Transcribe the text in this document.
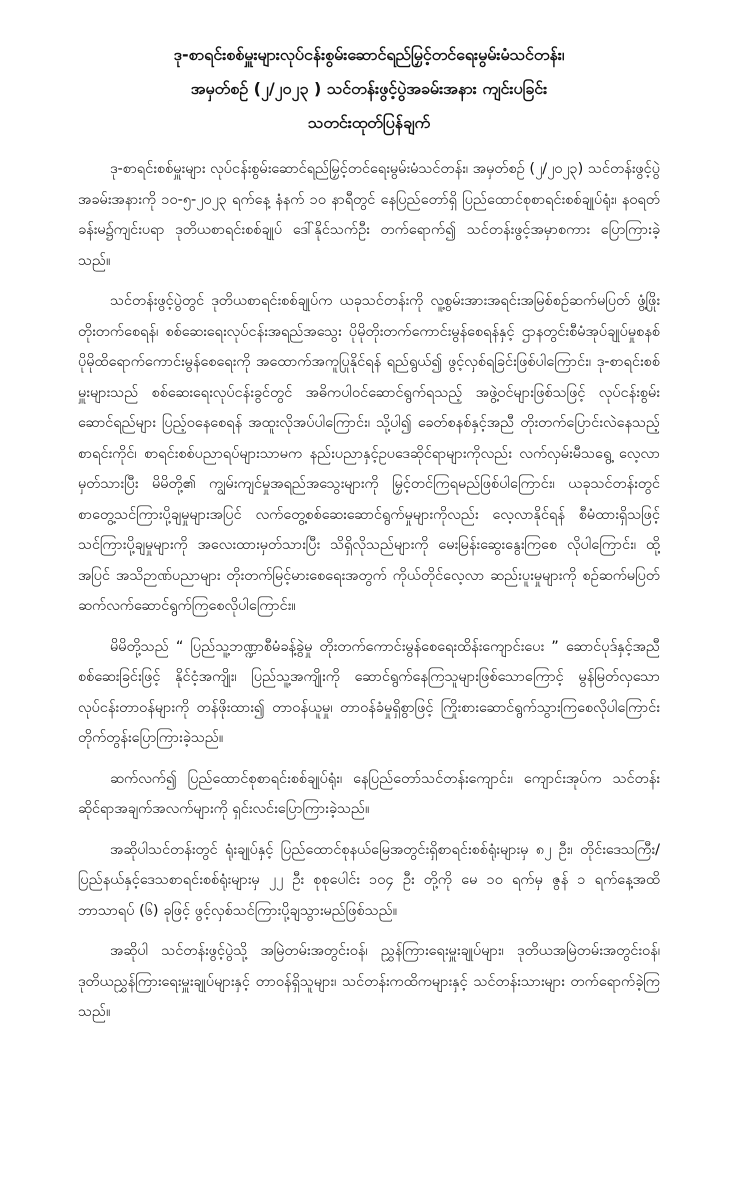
ဒု-စာရင်းစစ်မှူးများလုပ်ငန်းစွမ်းဆောင်ရည်မြှင့်တင်ရေးမွမ်းမံသင်တန်း၊

အမှတ်စဉ် (၂/၂၀၂၃ ) သင်တန်းဖွင့်ပွဲအခမ်းအနား ကျင်းပခြင်း

သတင်းထုတ်ပြန်ချက်

ဒု-စာရင်းစစ်မှူးများ လုပ်ငန်းစွမ်းဆောင်ရည်မြှင့်တင်ရေးမွမ်းမံသင်တန်း၊ အမှတ်စဉ် (၂/၂၀၂၃) သင်တန်းဖွင့်ပွဲအခမ်းအနားကို ၁၀-၅-၂၀၂၃ ရက်နေ့ နံနက် ၁၀ နာရီတွင် နေပြည်တော်ရှိ ပြည်ထောင်စုစာရင်းစစ်ချုပ်ရုံး၊ နဝရတ်ခန်းမ၌ကျင်းပရာ ဒုတိယစာရင်းစစ်ချုပ် ဒေါ်နိုင်သက်ဦး တက်ရောက်၍ သင်တန်းဖွင့်အမှာစကား ပြောကြားခဲ့သည်။

သင်တန်းဖွင့်ပွဲတွင် ဒုတိယစာရင်းစစ်ချုပ်က ယခုသင်တန်းကို လူ့စွမ်းအားအရင်းအမြစ်စဉ်ဆက်မပြတ် ဖွံ့ဖြိုးတိုးတက်စေရန်၊ စစ်ဆေးရေးလုပ်ငန်းအရည်အသွေး ပိုမိုတိုးတက်ကောင်းမွန်စေရန်နှင့် ဌာနတွင်းစီမံအုပ်ချုပ်မှုစနစ် ပိုမိုထိရောက်ကောင်းမွန်စေရေးကို အထောက်အကူပြုနိုင်ရန် ရည်ရွယ်၍ ဖွင့်လှစ်ရခြင်းဖြစ်ပါကြောင်း၊ ဒု-စာရင်းစစ်မှူးများသည် စစ်ဆေးရေးလုပ်ငန်းခွင်တွင် အဓိကပါဝင်ဆောင်ရွက်ရသည့် အဖွဲ့ဝင်များဖြစ်သဖြင့် လုပ်ငန်းစွမ်းဆောင်ရည်များ ပြည့်ဝနေစေရန် အထူးလိုအပ်ပါကြောင်း၊ သို့ပါ၍ ခေတ်စနစ်နှင့်အညီ တိုးတက်ပြောင်းလဲနေသည့် စာရင်းကိုင်၊ စာရင်းစစ်ပညာရပ်များသာမက နည်းပညာနှင့်ဥပဒေဆိုင်ရာများကိုလည်း လက်လှမ်းမီသရွေ့ လေ့လာမှတ်သားပြီး မိမိတို့၏ ကျွမ်းကျင်မှုအရည်အသွေးများကို မြှင့်တင်ကြရမည်ဖြစ်ပါကြောင်း၊ ယခုသင်တန်းတွင် စာတွေ့သင်ကြားပို့ချမှုများအပြင် လက်တွေ့စစ်ဆေးဆောင်ရွက်မှုများကိုလည်း လေ့လာနိုင်ရန် စီမံထားရှိသဖြင့် သင်ကြားပို့ချမှုများကို အလေးထားမှတ်သားပြီး သိရှိလိုသည်များကို မေးမြန်းဆွေးနွေးကြစေ လိုပါကြောင်း၊ ထို့အပြင် အသိဉာဏ်ပညာများ တိုးတက်မြင့်မားစေရေးအတွက် ကိုယ်တိုင်လေ့လာ ဆည်းပူးမှုများကို စဉ်ဆက်မပြတ် ဆက်လက်ဆောင်ရွက်ကြစေလိုပါကြောင်း။

မိမိတို့သည် “ ပြည်သူ့ဘဏ္ဍာစီမံခန့်ခွဲမှု တိုးတက်ကောင်းမွန်စေရေးထိန်းကျောင်းပေး ” ဆောင်ပုဒ်နှင့်အညီ စစ်ဆေးခြင်းဖြင့် နိုင်ငံ့အကျိုး၊ ပြည်သူ့အကျိုးကို ဆောင်ရွက်နေကြသူများဖြစ်သောကြောင့် မွန်မြတ်လှသော လုပ်ငန်းတာဝန်များကို တန်ဖိုးထား၍ တာဝန်ယူမှု၊ တာဝန်ခံမှုရှိစွာဖြင့် ကြိုးစားဆောင်ရွက်သွားကြစေလိုပါကြောင်း တိုက်တွန်းပြောကြားခဲ့သည်။

ဆက်လက်၍ ပြည်ထောင်စုစာရင်းစစ်ချုပ်ရုံး၊ နေပြည်တော်သင်တန်းကျောင်း၊ ကျောင်းအုပ်က သင်တန်းဆိုင်ရာအချက်အလက်များကို ရှင်းလင်းပြောကြားခဲ့သည်။

အဆိုပါသင်တန်းတွင် ရုံးချုပ်နှင့် ပြည်ထောင်စုနယ်မြေအတွင်းရှိစာရင်းစစ်ရုံးများမှ ၈၂ ဦး၊ တိုင်းဒေသကြီး/ ပြည်နယ်နှင့်ဒေသစာရင်းစစ်ရုံးများမှ ၂၂ ဦး စုစုပေါင်း ၁၀၄ ဦး တို့ကို မေ ၁၀ ရက်မှ ဇွန် ၁ ရက်နေ့အထိ ဘာသာရပ် (၆) ခုဖြင့် ဖွင့်လှစ်သင်ကြားပို့ချသွားမည်ဖြစ်သည်။

အဆိုပါ သင်တန်းဖွင့်ပွဲသို့ အမြဲတမ်းအတွင်းဝန်၊ ညွှန်ကြားရေးမှူးချုပ်များ၊ ဒုတိယအမြဲတမ်းအတွင်းဝန်၊ ဒုတိယညွှန်ကြားရေးမှူးချုပ်များနှင့် တာဝန်ရှိသူများ၊ သင်တန်းကထိကများနှင့် သင်တန်းသားများ တက်ရောက်ခဲ့ကြသည်။
